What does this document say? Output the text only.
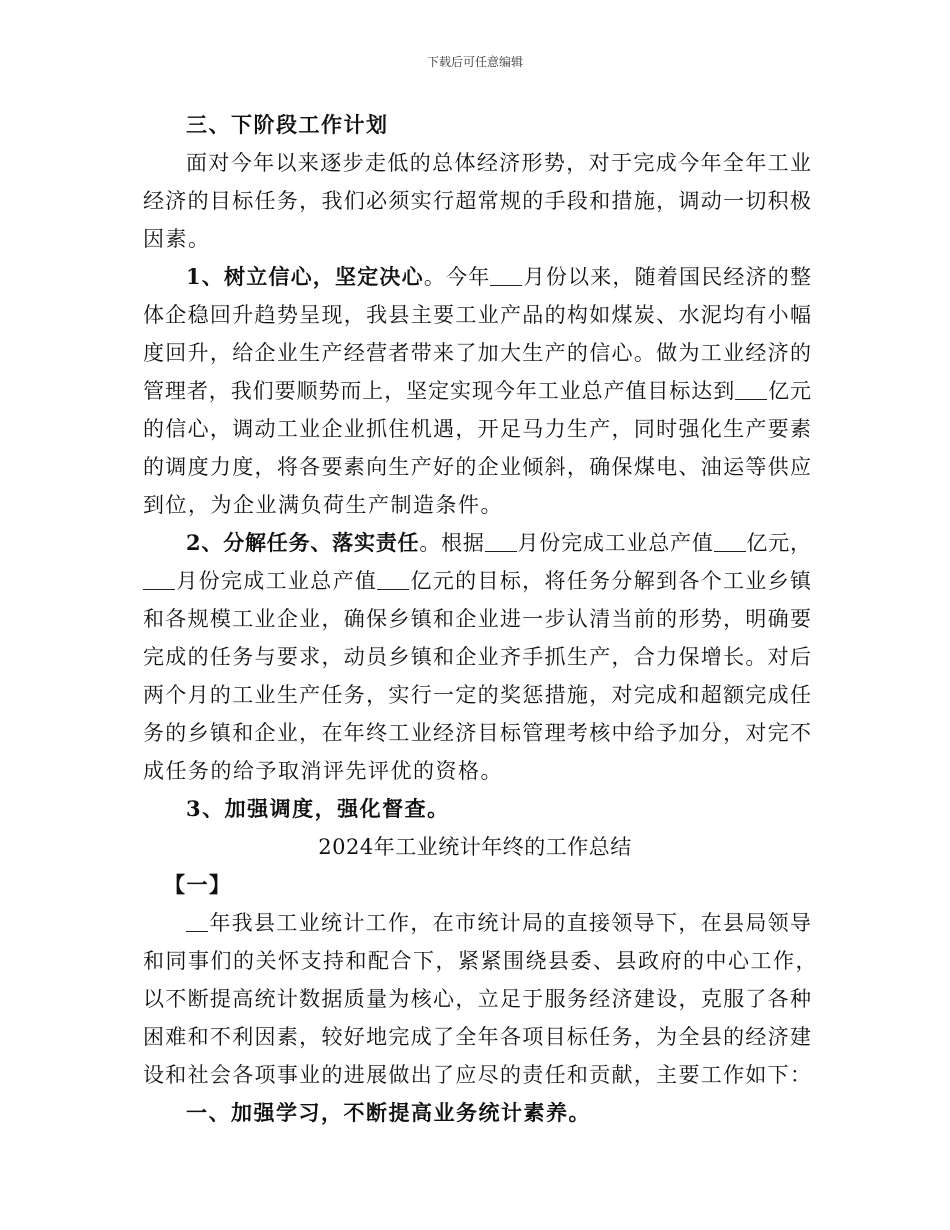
下载后可任意编辑
三、下阶段工作计划
面对今年以来逐步走低的总体经济形势，对于完成今年全年工业
经济的目标任务，我们必须实行超常规的手段和措施，调动一切积极
因素。
1、树立信心，坚定决心。今年 月份以来，随着国民经济的整
体企稳回升趋势呈现，我县主要工业产品的构如煤炭、水泥均有小幅
度回升，给企业生产经营者带来了加大生产的信心。做为工业经济的
管理者，我们要顺势而上，坚定实现今年工业总产值目标达到 亿元
的信心，调动工业企业抓住机遇，开足马力生产，同时强化生产要素
的调度力度，将各要素向生产好的企业倾斜，确保煤电、油运等供应
到位，为企业满负荷生产制造条件。
2、分解任务、落实责任。根据 月份完成工业总产值 亿元，
月份完成工业总产值 亿元的目标，将任务分解到各个工业乡镇
和各规模工业企业，确保乡镇和企业进一步认清当前的形势，明确要
完成的任务与要求，动员乡镇和企业齐手抓生产，合力保增长。对后
两个月的工业生产任务，实行一定的奖惩措施，对完成和超额完成任
务的乡镇和企业，在年终工业经济目标管理考核中给予加分，对完不
成任务的给予取消评先评优的资格。
3、加强调度，强化督查。
2024年工业统计年终的工作总结
【一】
年我县工业统计工作，在市统计局的直接领导下，在县局领导
和同事们的关怀支持和配合下，紧紧围绕县委、县政府的中心工作，
以不断提高统计数据质量为核心，立足于服务经济建设，克服了各种
困难和不利因素，较好地完成了全年各项目标任务，为全县的经济建
设和社会各项事业的进展做出了应尽的责任和贡献，主要工作如下：
一、加强学习，不断提高业务统计素养。
